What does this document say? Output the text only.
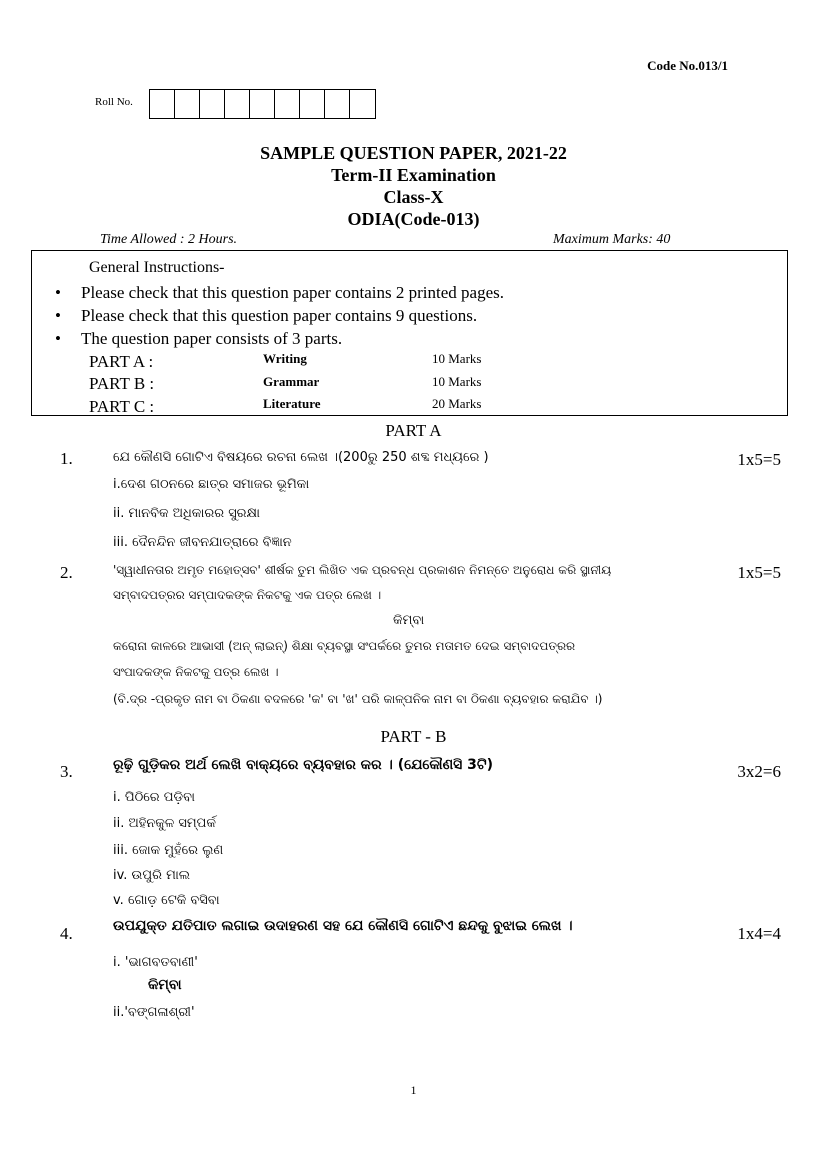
Code No.013/1
Roll No.
SAMPLE QUESTION PAPER, 2021-22
Term-II Examination
Class-X
ODIA(Code-013)
Time Allowed : 2 Hours.	Maximum Marks: 40
General Instructions-
•	Please check that this question paper contains 2 printed pages.
•	Please check that this question paper contains 9 questions.
•	The question paper consists of 3 parts.
PART A :	Writing	10 Marks
PART B :	Grammar	10 Marks
PART C :	Literature	20 Marks
PART A
1.	ଯେ କୌଣସି ଗୋଟିଏ ବିଷୟରେ ରଚନା ଲେଖ ।(200ରୁ 250 ଶବ୍ଦ ମଧ୍ୟରେ )	1x5=5
i.ଦେଶ ଗଠନରେ ଛାତ୍ର ସମାଜର ଭୂମିକା
ii. ମାନବିକ ଅଧିକାରର ସୁରକ୍ଷା
iii. ଦୈନନ୍ଦିନ ଜୀବନଯାତ୍ରାରେ ବିଜ୍ଞାନ
2.	'ସ୍ୱାଧୀନତାର ଅମୃତ ମହୋତ୍ସବ' ଶୀର୍ଷକ ତୁମ ଲିଖିତ ଏକ ପ୍ରବନ୍ଧ ପ୍ରକାଶନ ନିମନ୍ତେ ଅନୁରୋଧ କରି ସ୍ଥାନୀୟ	1x5=5
ସମ୍ବାଦପତ୍ରର ସମ୍ପାଦକଙ୍କ ନିକଟକୁ ଏକ ପତ୍ର ଲେଖ ।
କିମ୍ବା
କରୋନା କାଳରେ ଆଭାସୀ (ଅନ୍ ଲାଇନ୍) ଶିକ୍ଷା ବ୍ୟବସ୍ଥା ସଂପର୍କରେ ତୁମର ମତାମତ ଦେଇ ସମ୍ବାଦପତ୍ରର
ସଂପାଦକଙ୍କ ନିକଟକୁ ପତ୍ର ଲେଖ ।
(ବି.ଦ୍ର -ପ୍ରକୃତ ନାମ ବା ଠିକଣା ବଦଳରେ 'କ' ବା 'ଖ' ପରି କାଳ୍ପନିକ ନାମ ବା ଠିକଣା ବ୍ୟବହାର କରାଯିବ ।)
PART - B
3.	ରୂଢ଼ି ଗୁଡ଼ିକର ଅର୍ଥ ଲେଖି ବାକ୍ୟରେ ବ୍ୟବହାର କର । (ଯେକୌଣସି 3ଟି)	3x2=6
i. ପିଠିରେ ପଡ଼ିବା
ii. ଅହିନକୁଳ ସମ୍ପର୍କ
iii. ଜୋକ ମୁହଁରେ ଲୁଣ
iv. ଉପୁରି ମାଲ
v. ଗୋଡ଼ ଟେକି ବସିବା
4.	ଉପଯୁକ୍ତ ଯତିପାତ ଲଗାଇ ଉଦାହରଣ ସହ ଯେ କୌଣସି ଗୋଟିଏ ଛନ୍ଦକୁ ବୁଝାଇ ଲେଖ ।	1x4=4
i. 'ଭାଗବତବାଣୀ'
କିମ୍ବା
ii.'ବଙ୍ଗଳାଶ୍ରୀ'
1
